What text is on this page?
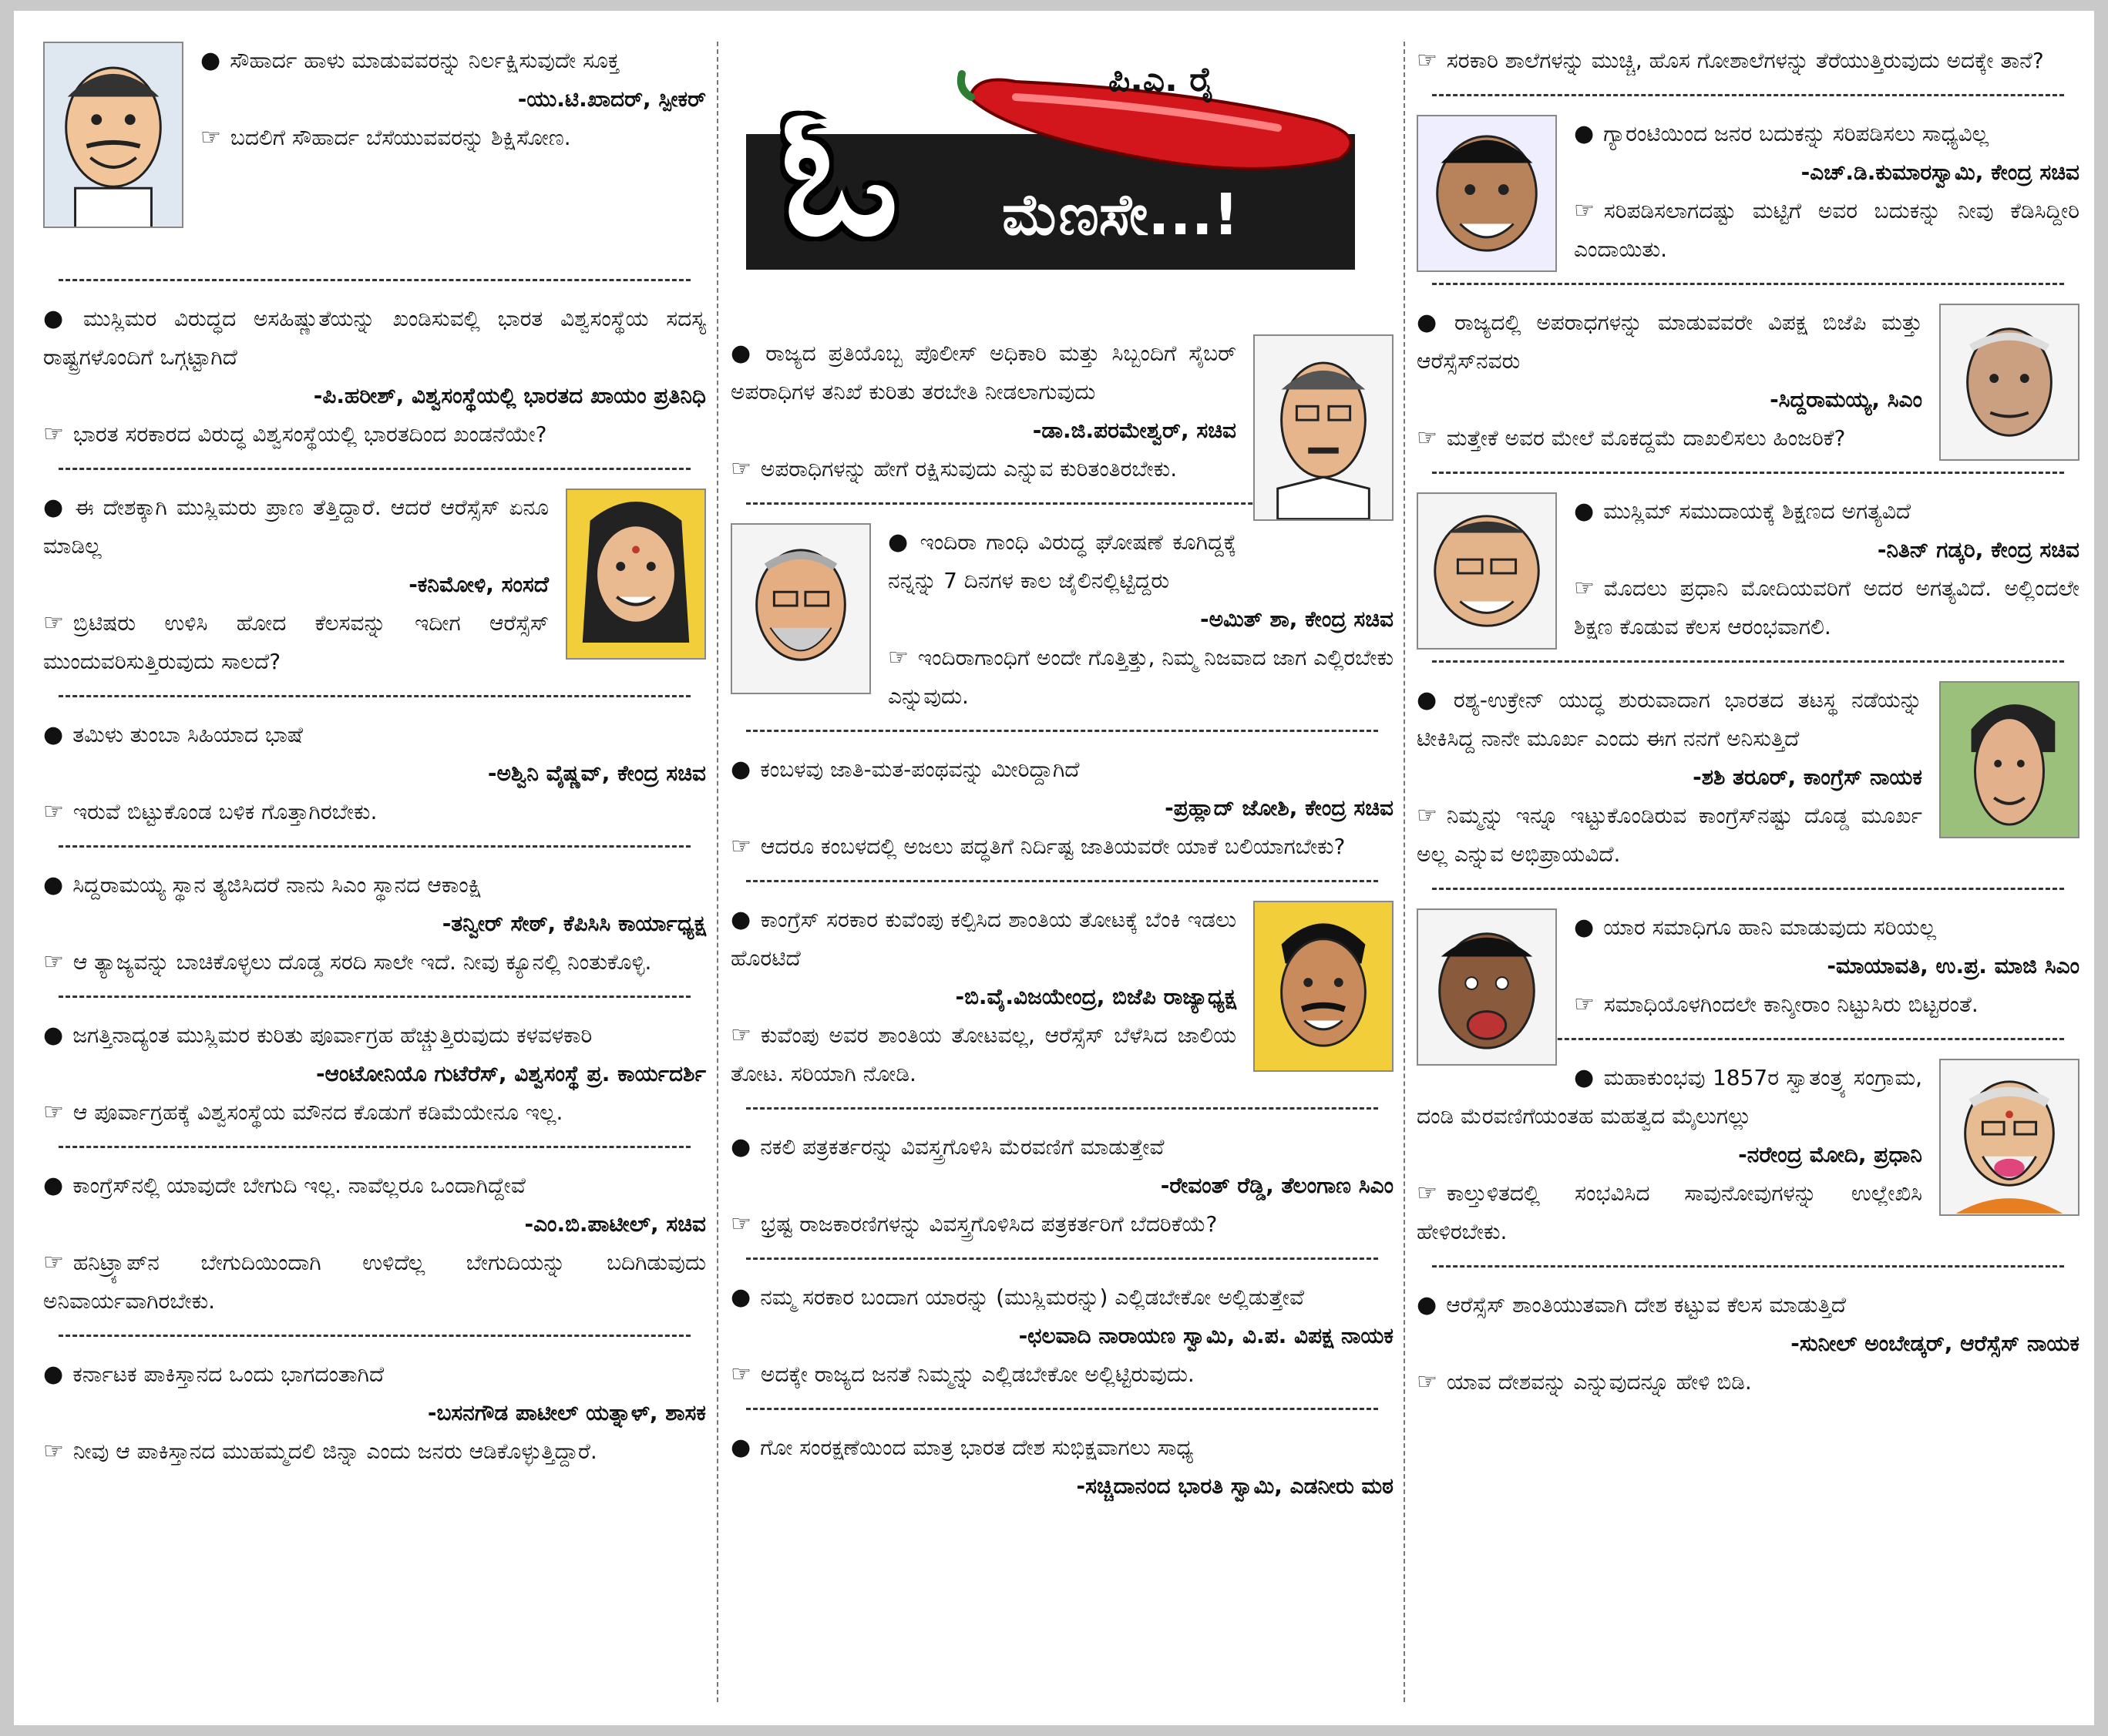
● ಸೌಹಾರ್ದ ಹಾಳು ಮಾಡುವವರನ್ನು ನಿರ್ಲಕ್ಷಿಸುವುದೇ ಸೂಕ್ತ

-ಯು.ಟಿ.ಖಾದರ್, ಸ್ಪೀಕರ್

☞ ಬದಲಿಗೆ ಸೌಹಾರ್ದ ಬೆಸೆಯುವವರನ್ನು ಶಿಕ್ಷಿಸೋಣ.

● ಮುಸ್ಲಿಮರ ವಿರುದ್ಧದ ಅಸಹಿಷ್ಣುತೆಯನ್ನು ಖಂಡಿಸುವಲ್ಲಿ ಭಾರತ ವಿಶ್ವಸಂಸ್ಥೆಯ ಸದಸ್ಯ ರಾಷ್ಟ್ರಗಳೊಂದಿಗೆ ಒಗ್ಗಟ್ಟಾಗಿದೆ

-ಪಿ.ಹರೀಶ್, ವಿಶ್ವಸಂಸ್ಥೆಯಲ್ಲಿ ಭಾರತದ ಖಾಯಂ ಪ್ರತಿನಿಧಿ

☞ ಭಾರತ ಸರಕಾರದ ವಿರುದ್ಧ ವಿಶ್ವಸಂಸ್ಥೆಯಲ್ಲಿ ಭಾರತದಿಂದ ಖಂಡನೆಯೇ?

● ಈ ದೇಶಕ್ಕಾಗಿ ಮುಸ್ಲಿಮರು ಪ್ರಾಣ ತೆತ್ತಿದ್ದಾರೆ. ಆದರೆ ಆರೆಸ್ಸೆಸ್ ಏನೂ ಮಾಡಿಲ್ಲ

-ಕನಿಮೋಳಿ, ಸಂಸದೆ

☞ ಬ್ರಿಟಿಷರು ಉಳಿಸಿ ಹೋದ ಕೆಲಸವನ್ನು ಇದೀಗ ಆರೆಸ್ಸೆಸ್ ಮುಂದುವರಿಸುತ್ತಿರುವುದು ಸಾಲದೆ?

● ತಮಿಳು ತುಂಬಾ ಸಿಹಿಯಾದ ಭಾಷೆ

-ಅಶ್ವಿನಿ ವೈಷ್ಣವ್, ಕೇಂದ್ರ ಸಚಿವ

☞ ಇರುವೆ ಬಿಟ್ಟುಕೊಂಡ ಬಳಿಕ ಗೊತ್ತಾಗಿರಬೇಕು.

● ಸಿದ್ದರಾಮಯ್ಯ ಸ್ಥಾನ ತ್ಯಜಿಸಿದರೆ ನಾನು ಸಿಎಂ ಸ್ಥಾನದ ಆಕಾಂಕ್ಷಿ

-ತನ್ವೀರ್ ಸೇಠ್, ಕೆಪಿಸಿಸಿ ಕಾರ್ಯಾಧ್ಯಕ್ಷ

☞ ಆ ತ್ಯಾಜ್ಯವನ್ನು ಬಾಚಿಕೊಳ್ಳಲು ದೊಡ್ಡ ಸರದಿ ಸಾಲೇ ಇದೆ. ನೀವು ಕ್ಯೂನಲ್ಲಿ ನಿಂತುಕೊಳ್ಳಿ.

● ಜಗತ್ತಿನಾದ್ಯಂತ ಮುಸ್ಲಿಮರ ಕುರಿತು ಪೂರ್ವಾಗ್ರಹ ಹೆಚ್ಚುತ್ತಿರುವುದು ಕಳವಳಕಾರಿ

-ಆಂಟೋನಿಯೊ ಗುಟೆರೆಸ್, ವಿಶ್ವಸಂಸ್ಥೆ ಪ್ರ. ಕಾರ್ಯದರ್ಶಿ

☞ ಆ ಪೂರ್ವಾಗ್ರಹಕ್ಕೆ ವಿಶ್ವಸಂಸ್ಥೆಯ ಮೌನದ ಕೊಡುಗೆ ಕಡಿಮೆಯೇನೂ ಇಲ್ಲ.

● ಕಾಂಗ್ರೆಸ್‌ನಲ್ಲಿ ಯಾವುದೇ ಬೇಗುದಿ ಇಲ್ಲ. ನಾವೆಲ್ಲರೂ ಒಂದಾಗಿದ್ದೇವೆ

-ಎಂ.ಬಿ.ಪಾಟೀಲ್, ಸಚಿವ

☞ ಹನಿಟ್ರ್ಯಾಪ್‌ನ ಬೇಗುದಿಯಿಂದಾಗಿ ಉಳಿದೆಲ್ಲ ಬೇಗುದಿಯನ್ನು ಬದಿಗಿಡುವುದು ಅನಿವಾರ್ಯವಾಗಿರಬೇಕು.

● ಕರ್ನಾಟಕ ಪಾಕಿಸ್ತಾನದ ಒಂದು ಭಾಗದಂತಾಗಿದೆ

-ಬಸನಗೌಡ ಪಾಟೀಲ್ ಯತ್ನಾಳ್, ಶಾಸಕ

☞ ನೀವು ಆ ಪಾಕಿಸ್ತಾನದ ಮುಹಮ್ಮದಲಿ ಜಿನ್ನಾ ಎಂದು ಜನರು ಆಡಿಕೊಳ್ಳುತ್ತಿದ್ದಾರೆ.

ಓ ಮೆಣಸೇ...!
ಪಿ.ಎ. ರೈ

● ರಾಜ್ಯದ ಪ್ರತಿಯೊಬ್ಬ ಪೊಲೀಸ್ ಅಧಿಕಾರಿ ಮತ್ತು ಸಿಬ್ಬಂದಿಗೆ ಸೈಬರ್ ಅಪರಾಧಿಗಳ ತನಿಖೆ ಕುರಿತು ತರಬೇತಿ ನೀಡಲಾಗುವುದು

-ಡಾ.ಜಿ.ಪರಮೇಶ್ವರ್, ಸಚಿವ

☞ ಅಪರಾಧಿಗಳನ್ನು ಹೇಗೆ ರಕ್ಷಿಸುವುದು ಎನ್ನುವ ಕುರಿತಂತಿರಬೇಕು.

● ಇಂದಿರಾ ಗಾಂಧಿ ವಿರುದ್ಧ ಘೋಷಣೆ ಕೂಗಿದ್ದಕ್ಕೆ ನನ್ನನ್ನು 7 ದಿನಗಳ ಕಾಲ ಜೈಲಿನಲ್ಲಿಟ್ಟಿದ್ದರು

-ಅಮಿತ್ ಶಾ, ಕೇಂದ್ರ ಸಚಿವ

☞ ಇಂದಿರಾಗಾಂಧಿಗೆ ಅಂದೇ ಗೊತ್ತಿತ್ತು, ನಿಮ್ಮ ನಿಜವಾದ ಜಾಗ ಎಲ್ಲಿರಬೇಕು ಎನ್ನುವುದು.

● ಕಂಬಳವು ಜಾತಿ-ಮತ-ಪಂಥವನ್ನು ಮೀರಿದ್ದಾಗಿದೆ

-ಪ್ರಹ್ಲಾದ್ ಜೋಶಿ, ಕೇಂದ್ರ ಸಚಿವ

☞ ಆದರೂ ಕಂಬಳದಲ್ಲಿ ಅಜಲು ಪದ್ಧತಿಗೆ ನಿರ್ದಿಷ್ಟ ಜಾತಿಯವರೇ ಯಾಕೆ ಬಲಿಯಾಗಬೇಕು?

● ಕಾಂಗ್ರೆಸ್ ಸರಕಾರ ಕುವೆಂಪು ಕಲ್ಪಿಸಿದ ಶಾಂತಿಯ ತೋಟಕ್ಕೆ ಬೆಂಕಿ ಇಡಲು ಹೊರಟಿದೆ

-ಬಿ.ವೈ.ವಿಜಯೇಂದ್ರ, ಬಿಜೆಪಿ ರಾಜ್ಯಾಧ್ಯಕ್ಷ

☞ ಕುವೆಂಪು ಅವರ ಶಾಂತಿಯ ತೋಟವಲ್ಲ, ಆರೆಸ್ಸೆಸ್ ಬೆಳೆಸಿದ ಜಾಲಿಯ ತೋಟ. ಸರಿಯಾಗಿ ನೋಡಿ.

● ನಕಲಿ ಪತ್ರಕರ್ತರನ್ನು ವಿವಸ್ತ್ರಗೊಳಿಸಿ ಮೆರವಣಿಗೆ ಮಾಡುತ್ತೇವೆ

-ರೇವಂತ್ ರೆಡ್ಡಿ, ತೆಲಂಗಾಣ ಸಿಎಂ

☞ ಭ್ರಷ್ಟ ರಾಜಕಾರಣಿಗಳನ್ನು ವಿವಸ್ತ್ರಗೊಳಿಸಿದ ಪತ್ರಕರ್ತರಿಗೆ ಬೆದರಿಕೆಯೆ?

● ನಮ್ಮ ಸರಕಾರ ಬಂದಾಗ ಯಾರನ್ನು (ಮುಸ್ಲಿಮರನ್ನು) ಎಲ್ಲಿಡಬೇಕೋ ಅಲ್ಲಿಡುತ್ತೇವೆ

-ಛಲವಾದಿ ನಾರಾಯಣ ಸ್ವಾಮಿ, ವಿ.ಪ. ವಿಪಕ್ಷ ನಾಯಕ

☞ ಅದಕ್ಕೇ ರಾಜ್ಯದ ಜನತೆ ನಿಮ್ಮನ್ನು ಎಲ್ಲಿಡಬೇಕೋ ಅಲ್ಲಿಟ್ಟಿರುವುದು.

● ಗೋ ಸಂರಕ್ಷಣೆಯಿಂದ ಮಾತ್ರ ಭಾರತ ದೇಶ ಸುಭಿಕ್ಷವಾಗಲು ಸಾಧ್ಯ

-ಸಚ್ಚಿದಾನಂದ ಭಾರತಿ ಸ್ವಾಮಿ, ಎಡನೀರು ಮಠ

☞ ಸರಕಾರಿ ಶಾಲೆಗಳನ್ನು ಮುಚ್ಚಿ, ಹೊಸ ಗೋಶಾಲೆಗಳನ್ನು ತೆರೆಯುತ್ತಿರುವುದು ಅದಕ್ಕೇ ತಾನೆ?

● ಗ್ಯಾರಂಟಿಯಿಂದ ಜನರ ಬದುಕನ್ನು ಸರಿಪಡಿಸಲು ಸಾಧ್ಯವಿಲ್ಲ

-ಎಚ್.ಡಿ.ಕುಮಾರಸ್ವಾಮಿ, ಕೇಂದ್ರ ಸಚಿವ

☞ ಸರಿಪಡಿಸಲಾಗದಷ್ಟು ಮಟ್ಟಿಗೆ ಅವರ ಬದುಕನ್ನು ನೀವು ಕೆಡಿಸಿದ್ದೀರಿ ಎಂದಾಯಿತು.

● ರಾಜ್ಯದಲ್ಲಿ ಅಪರಾಧಗಳನ್ನು ಮಾಡುವವರೇ ವಿಪಕ್ಷ ಬಿಜೆಪಿ ಮತ್ತು ಆರೆಸ್ಸೆಸ್‌ನವರು

-ಸಿದ್ದರಾಮಯ್ಯ, ಸಿಎಂ

☞ ಮತ್ತೇಕೆ ಅವರ ಮೇಲೆ ಮೊಕದ್ದಮೆ ದಾಖಲಿಸಲು ಹಿಂಜರಿಕೆ?

● ಮುಸ್ಲಿಮ್ ಸಮುದಾಯಕ್ಕೆ ಶಿಕ್ಷಣದ ಅಗತ್ಯವಿದೆ

-ನಿತಿನ್ ಗಡ್ಕರಿ, ಕೇಂದ್ರ ಸಚಿವ

☞ ಮೊದಲು ಪ್ರಧಾನಿ ಮೋದಿಯವರಿಗೆ ಅದರ ಅಗತ್ಯವಿದೆ. ಅಲ್ಲಿಂದಲೇ ಶಿಕ್ಷಣ ಕೊಡುವ ಕೆಲಸ ಆರಂಭವಾಗಲಿ.

● ರಶ್ಯ-ಉಕ್ರೇನ್ ಯುದ್ಧ ಶುರುವಾದಾಗ ಭಾರತದ ತಟಸ್ಥ ನಡೆಯನ್ನು ಟೀಕಿಸಿದ್ದ ನಾನೇ ಮೂರ್ಖ ಎಂದು ಈಗ ನನಗೆ ಅನಿಸುತ್ತಿದೆ

-ಶಶಿ ತರೂರ್, ಕಾಂಗ್ರೆಸ್ ನಾಯಕ

☞ ನಿಮ್ಮನ್ನು ಇನ್ನೂ ಇಟ್ಟುಕೊಂಡಿರುವ ಕಾಂಗ್ರೆಸ್‌ನಷ್ಟು ದೊಡ್ಡ ಮೂರ್ಖ ಅಲ್ಲ ಎನ್ನುವ ಅಭಿಪ್ರಾಯವಿದೆ.

● ಯಾರ ಸಮಾಧಿಗೂ ಹಾನಿ ಮಾಡುವುದು ಸರಿಯಲ್ಲ

-ಮಾಯಾವತಿ, ಉ.ಪ್ರ. ಮಾಜಿ ಸಿಎಂ

☞ ಸಮಾಧಿಯೊಳಗಿಂದಲೇ ಕಾನ್ಶೀರಾಂ ನಿಟ್ಟುಸಿರು ಬಿಟ್ಟರಂತೆ.

● ಮಹಾಕುಂಭವು 1857ರ ಸ್ವಾತಂತ್ರ್ಯ ಸಂಗ್ರಾಮ, ದಂಡಿ ಮೆರವಣಿಗೆಯಂತಹ ಮಹತ್ವದ ಮೈಲುಗಲ್ಲು

-ನರೇಂದ್ರ ಮೋದಿ, ಪ್ರಧಾನಿ

☞ ಕಾಲ್ತುಳಿತದಲ್ಲಿ ಸಂಭವಿಸಿದ ಸಾವುನೋವುಗಳನ್ನು ಉಲ್ಲೇಖಿಸಿ ಹೇಳಿರಬೇಕು.

● ಆರೆಸ್ಸೆಸ್ ಶಾಂತಿಯುತವಾಗಿ ದೇಶ ಕಟ್ಟುವ ಕೆಲಸ ಮಾಡುತ್ತಿದೆ

-ಸುನೀಲ್ ಅಂಬೇಡ್ಕರ್, ಆರೆಸ್ಸೆಸ್ ನಾಯಕ

☞ ಯಾವ ದೇಶವನ್ನು ಎನ್ನುವುದನ್ನೂ ಹೇಳಿ ಬಿಡಿ.
